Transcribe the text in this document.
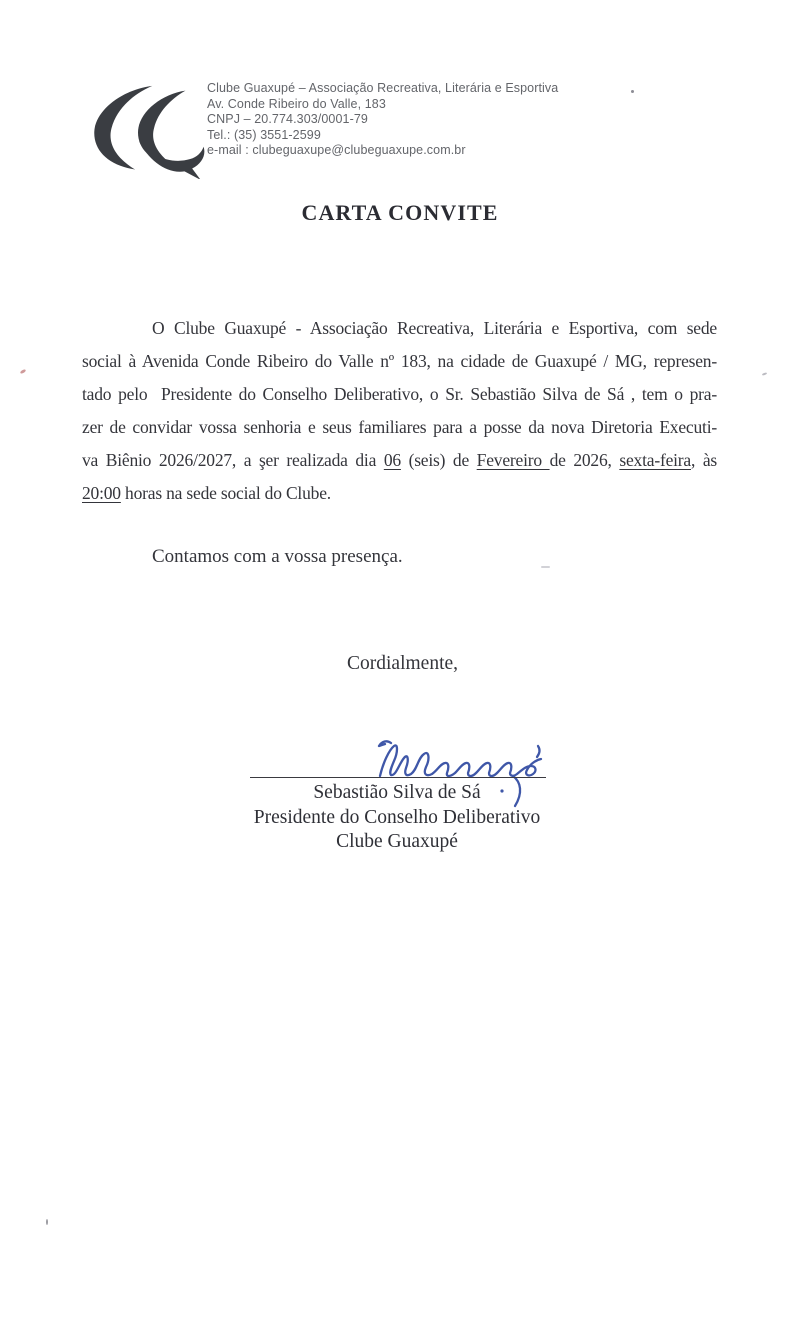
Clube Guaxupé – Associação Recreativa, Literária e Esportiva
Av. Conde Ribeiro do Valle, 183
CNPJ – 20.774.303/0001-79
Tel.: (35) 3551-2599
e-mail : clubeguaxupe@clubeguaxupe.com.br
CARTA CONVITE
O Clube Guaxupé - Associação Recreativa, Literária e Esportiva, com sede
social à Avenida Conde Ribeiro do Valle nº 183, na cidade de Guaxupé / MG, represen-
tado pelo  Presidente do Conselho Deliberativo, o Sr. Sebastião Silva de Sá , tem o pra-
zer de convidar vossa senhoria e seus familiares para a posse da nova Diretoria Executi-
va Biênio 2026/2027, a şer realizada dia 06 (seis) de Fevereiro de 2026, sexta-feira, às
20:00 horas na sede social do Clube.
Contamos com a vossa presença.
Cordialmente,
Sebastião Silva de Sá
Presidente do Conselho Deliberativo
Clube Guaxupé
